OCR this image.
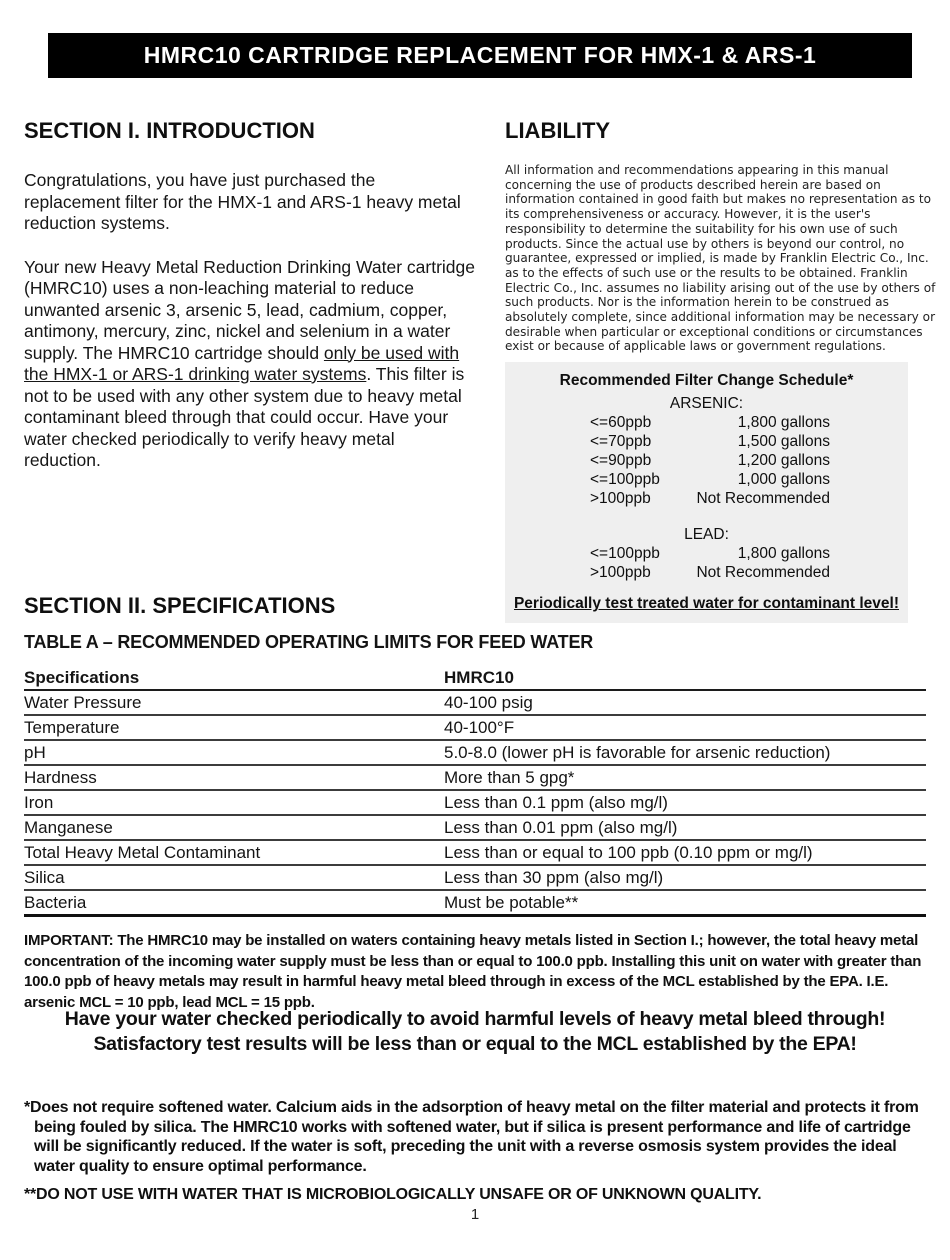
HMRC10 CARTRIDGE REPLACEMENT FOR HMX-1 & ARS-1
SECTION I. INTRODUCTION

Congratulations, you have just purchased the replacement filter for the HMX-1 and ARS-1 heavy metal reduction systems.

Your new Heavy Metal Reduction Drinking Water cartridge (HMRC10) uses a non-leaching material to reduce unwanted arsenic 3, arsenic 5, lead, cadmium, copper, antimony, mercury, zinc, nickel and selenium in a water supply. The HMRC10 cartridge should only be used with the HMX-1 or ARS-1 drinking water systems. This filter is not to be used with any other system due to heavy metal contaminant bleed through that could occur. Have your water checked periodically to verify heavy metal reduction.

LIABILITY

All information and recommendations appearing in this manual concerning the use of products described herein are based on information contained in good faith but makes no representation as to its comprehensiveness or accuracy. However, it is the user's responsibility to determine the suitability for his own use of such products. Since the actual use by others is beyond our control, no guarantee, expressed or implied, is made by Franklin Electric Co., Inc. as to the effects of such use or the results to be obtained. Franklin Electric Co., Inc. assumes no liability arising out of the use by others of such products. Nor is the information herein to be construed as absolutely complete, since additional information may be necessary or desirable when particular or exceptional conditions or circumstances exist or because of applicable laws or government regulations.

Recommended Filter Change Schedule*
ARSENIC:
<=60ppb	1,800 gallons
<=70ppb	1,500 gallons
<=90ppb	1,200 gallons
<=100ppb	1,000 gallons
>100ppb	Not Recommended
LEAD:
<=100ppb	1,800 gallons
>100ppb	Not Recommended
Periodically test treated water for contaminant level!
SECTION II. SPECIFICATIONS
TABLE A – RECOMMENDED OPERATING LIMITS FOR FEED WATER
Specifications	HMRC10
Water Pressure	40-100 psig
Temperature	40-100°F
pH	5.0-8.0 (lower pH is favorable for arsenic reduction)
Hardness	More than 5 gpg*
Iron	Less than 0.1 ppm (also mg/l)
Manganese	Less than 0.01 ppm (also mg/l)
Total Heavy Metal Contaminant	Less than or equal to 100 ppb (0.10 ppm or mg/l)
Silica	Less than 30 ppm (also mg/l)
Bacteria	Must be potable**

IMPORTANT: The HMRC10 may be installed on waters containing heavy metals listed in Section I.; however, the total heavy metal concentration of the incoming water supply must be less than or equal to 100.0 ppb. Installing this unit on water with greater than 100.0 ppb of heavy metals may result in harmful heavy metal bleed through in excess of the MCL established by the EPA. I.E. arsenic MCL = 10 ppb, lead MCL = 15 ppb.

Have your water checked periodically to avoid harmful levels of heavy metal bleed through!
Satisfactory test results will be less than or equal to the MCL established by the EPA!

*Does not require softened water. Calcium aids in the adsorption of heavy metal on the filter material and protects it from being fouled by silica. The HMRC10 works with softened water, but if silica is present performance and life of cartridge will be significantly reduced. If the water is soft, preceding the unit with a reverse osmosis system provides the ideal water quality to ensure optimal performance.

**DO NOT USE WITH WATER THAT IS MICROBIOLOGICALLY UNSAFE OR OF UNKNOWN QUALITY.

1
